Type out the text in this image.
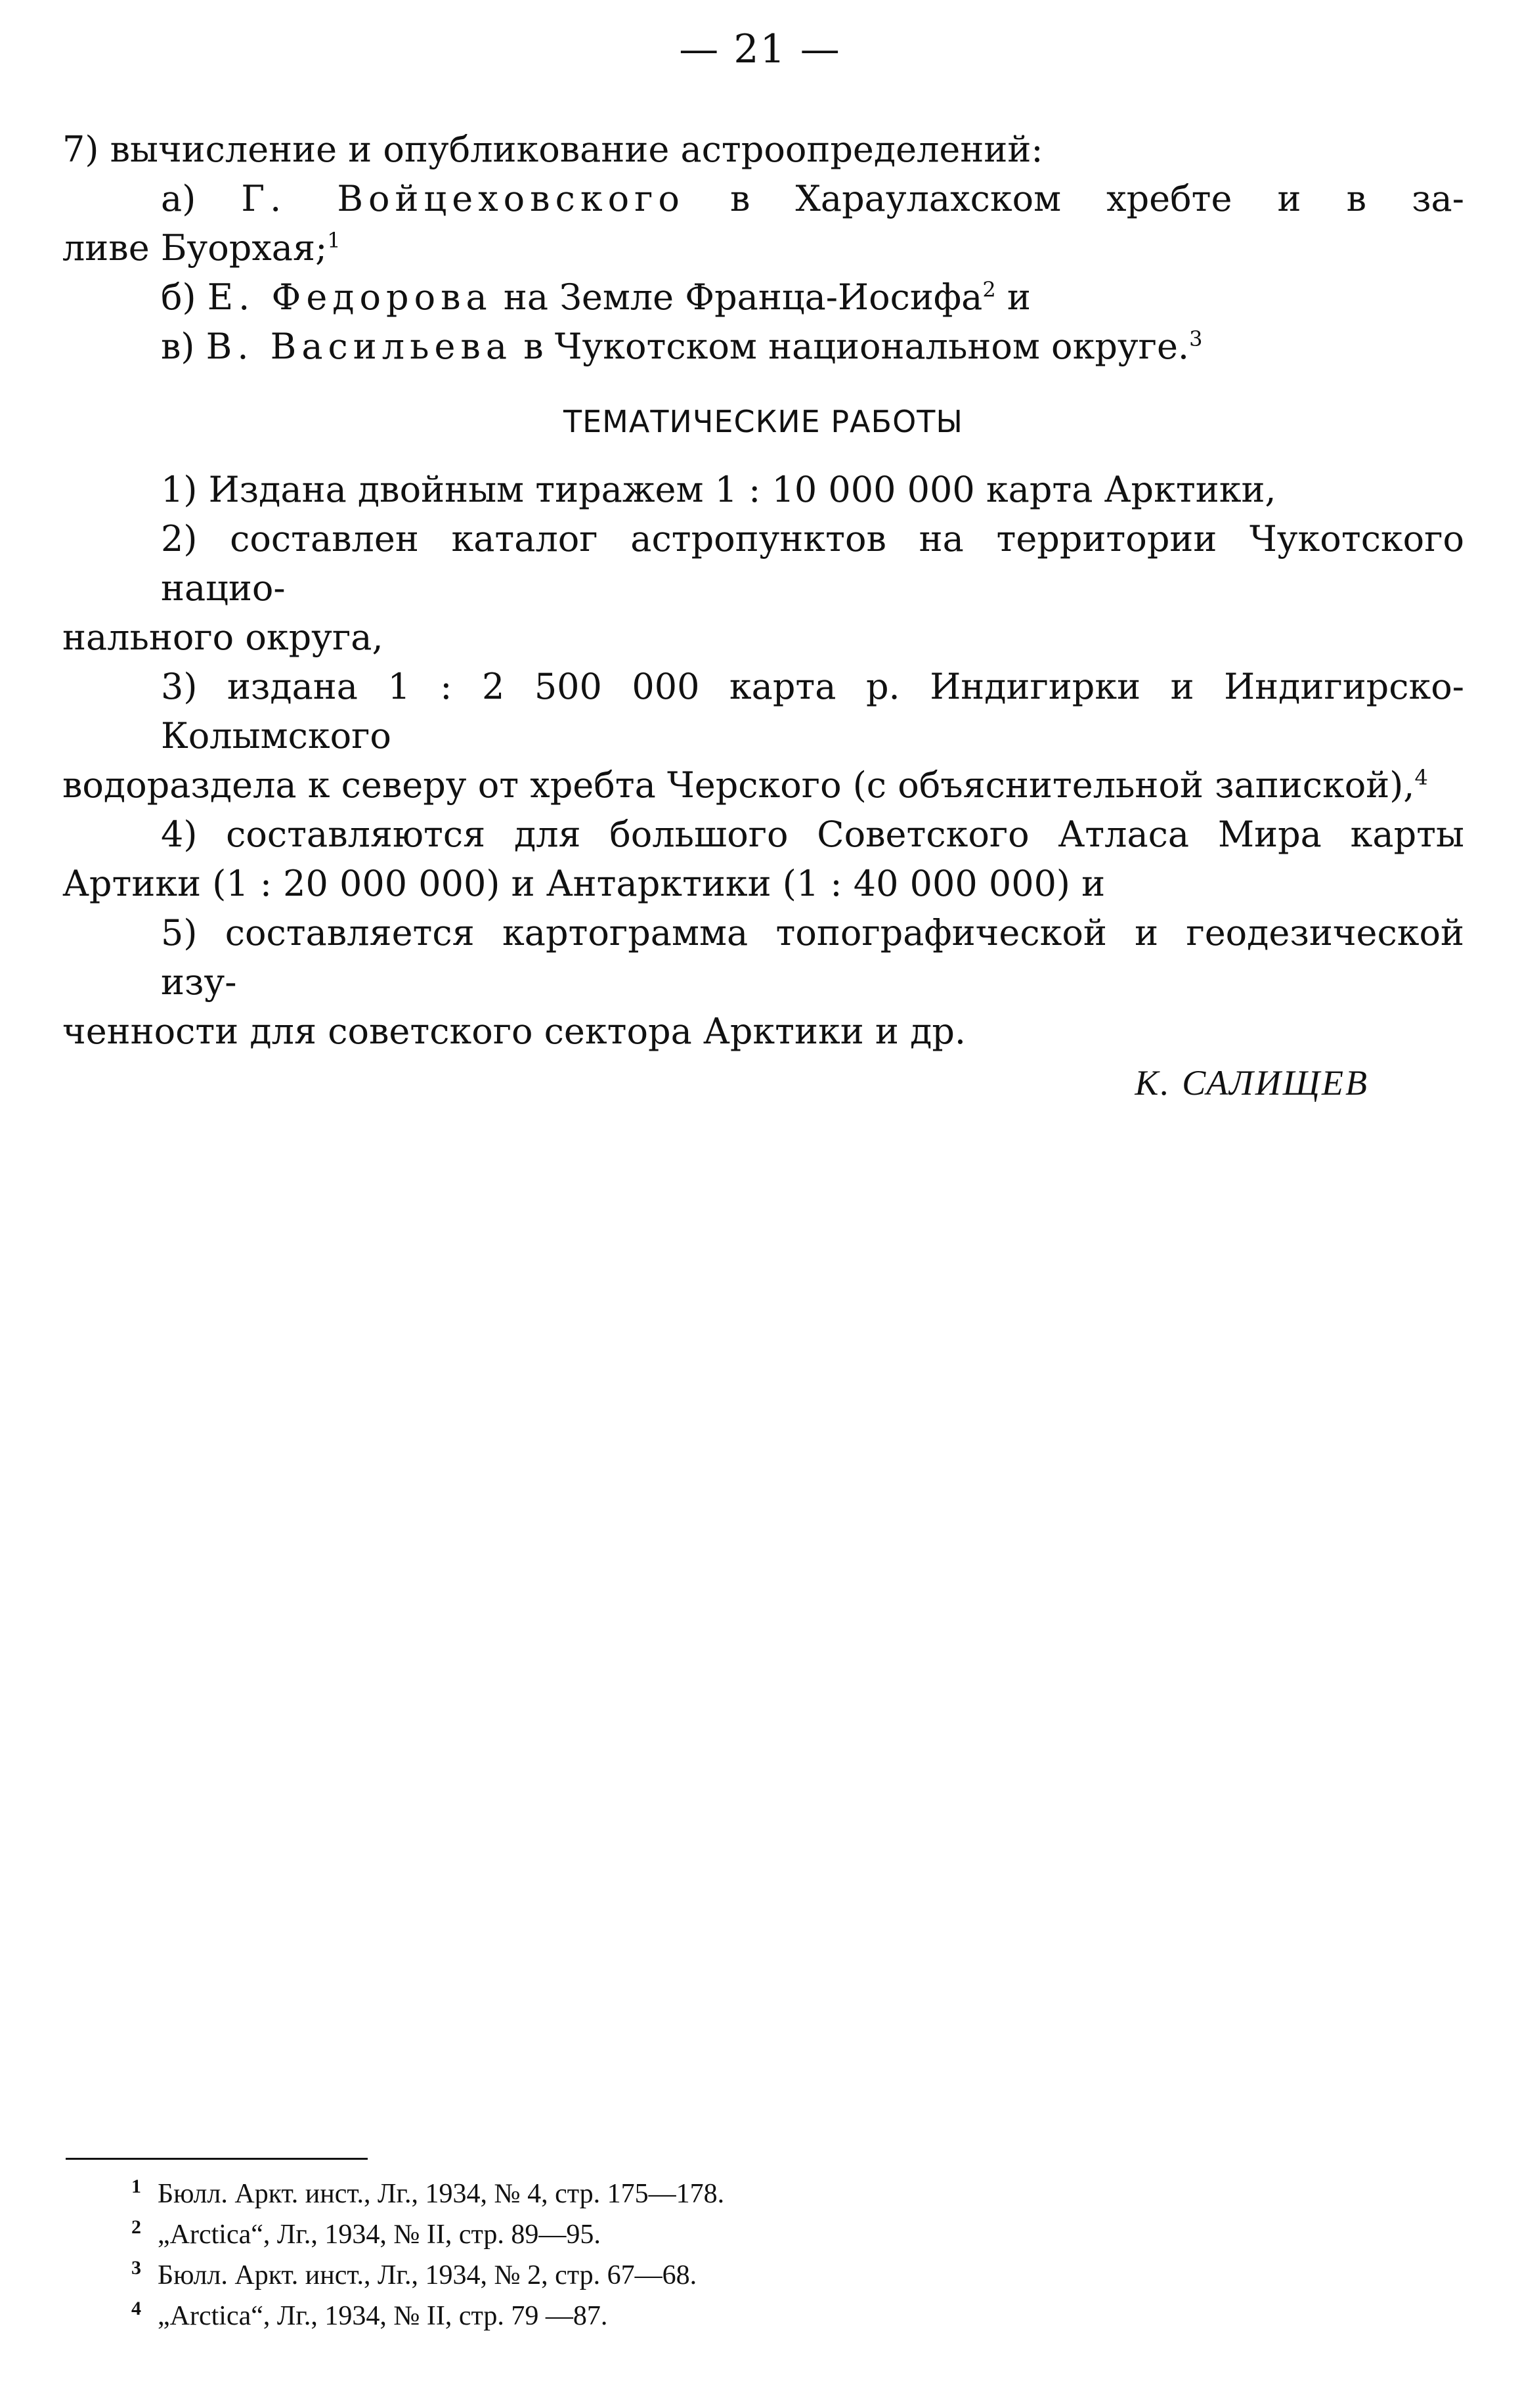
— 21 —
7) вычисление и опубликование астроопределений:
а) Г. Войцеховского в Хараулахском хребте и в за-
ливе Буорхая;$^1$
б) Е. Федорова на Земле Франца-Иосифа$^2$ и
в) В. Васильева в Чукотском национальном округе.$^3$
ТЕМАТИЧЕСКИЕ РАБОТЫ
1) Издана двойным тиражем 1 : 10 000 000 карта Арктики,
2) составлен каталог астропунктов на территории Чукотского нацио-
нального округа,
3) издана 1 : 2 500 000 карта р. Индигирки и Индигирско-Колымского
водораздела к северу от хребта Черского (с объяснительной запиской),$^4$
4) составляются для большого Советского Атласа Мира карты
Артики (1 : 20 000 000) и Антарктики (1 : 40 000 000) и
5) составляется картограмма топографической и геодезической изу-
ченности для советского сектора Арктики и др.
К. САЛИЩЕВ
1 Бюлл. Аркт. инст., Лг., 1934, № 4, стр. 175—178.
2 „Arctica“, Лг., 1934, № II, стр. 89—95.
3 Бюлл. Аркт. инст., Лг., 1934, № 2, стр. 67—68.
4 „Arctica“, Лг., 1934, № II, стр. 79 —87.
